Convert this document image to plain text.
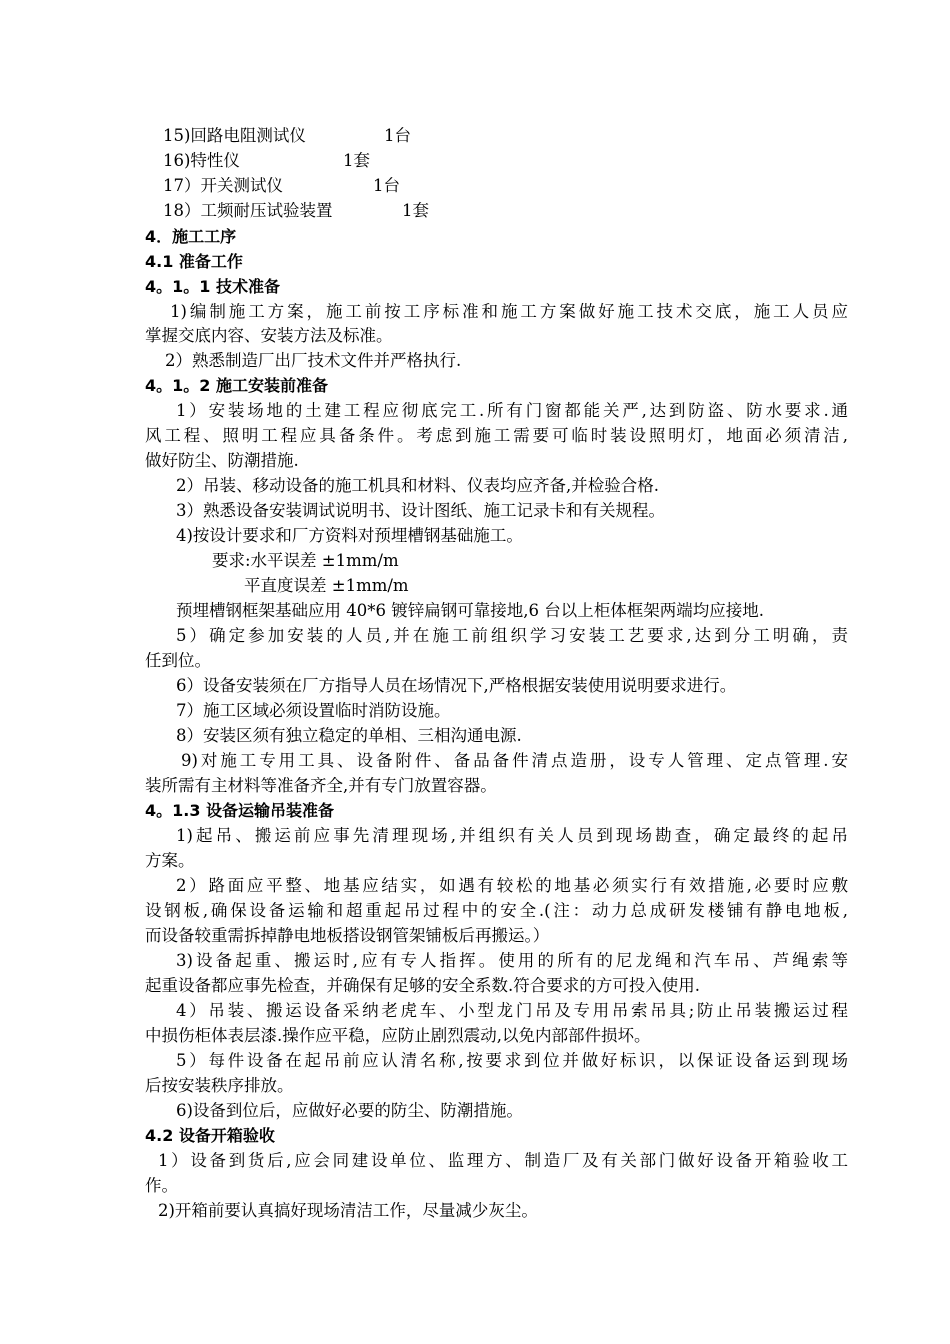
15)回路电阻测试仪	1台
16)特性仪	1套
17）开关测试仪	1台
18）工频耐压试验装置	1套
4．施工工序
4.1 准备工作
4。1。1 技术准备
1)编制施工方案，施工前按工序标准和施工方案做好施工技术交底，施工人员应
掌握交底内容、安装方法及标准。
2）熟悉制造厂出厂技术文件并严格执行.
4。1。2 施工安装前准备
1）安装场地的土建工程应彻底完工.所有门窗都能关严,达到防盗、防水要求.通
风工程、照明工程应具备条件。考虑到施工需要可临时装设照明灯，地面必须清洁,
做好防尘、防潮措施.
2）吊装、移动设备的施工机具和材料、仪表均应齐备,并检验合格.
3）熟悉设备安装调试说明书、设计图纸、施工记录卡和有关规程。
4)按设计要求和厂方资料对预埋槽钢基础施工。
要求:水平误差 ±1mm/m
平直度误差 ±1mm/m
预埋槽钢框架基础应用 40*6 镀锌扁钢可靠接地,6 台以上柜体框架两端均应接地.
5）确定参加安装的人员,并在施工前组织学习安装工艺要求,达到分工明确，责
任到位。
6）设备安装须在厂方指导人员在场情况下,严格根据安装使用说明要求进行。
7）施工区域必须设置临时消防设施。
8）安装区须有独立稳定的单相、三相沟通电源.
9)对施工专用工具、设备附件、备品备件清点造册，设专人管理、定点管理.安
装所需有主材料等准备齐全,并有专门放置容器。
4。1.3 设备运输吊装准备
1)起吊、搬运前应事先清理现场,并组织有关人员到现场勘查，确定最终的起吊
方案。
2）路面应平整、地基应结实，如遇有较松的地基必须实行有效措施,必要时应敷
设钢板,确保设备运输和超重起吊过程中的安全.(注：动力总成研发楼铺有静电地板,
而设备较重需拆掉静电地板搭设钢管架铺板后再搬运。）
3)设备起重、搬运时,应有专人指挥。使用的所有的尼龙绳和汽车吊、芦绳索等
起重设备都应事先检查，并确保有足够的安全系数.符合要求的方可投入使用.
4）吊装、搬运设备采纳老虎车、小型龙门吊及专用吊索吊具;防止吊装搬运过程
中损伤柜体表层漆.操作应平稳，应防止剧烈震动,以免内部部件损坏。
5）每件设备在起吊前应认清名称,按要求到位并做好标识，以保证设备运到现场
后按安装秩序排放。
6)设备到位后，应做好必要的防尘、防潮措施。
4.2 设备开箱验收
1）设备到货后,应会同建设单位、监理方、制造厂及有关部门做好设备开箱验收工
作。
2)开箱前要认真搞好现场清洁工作，尽量减少灰尘。
